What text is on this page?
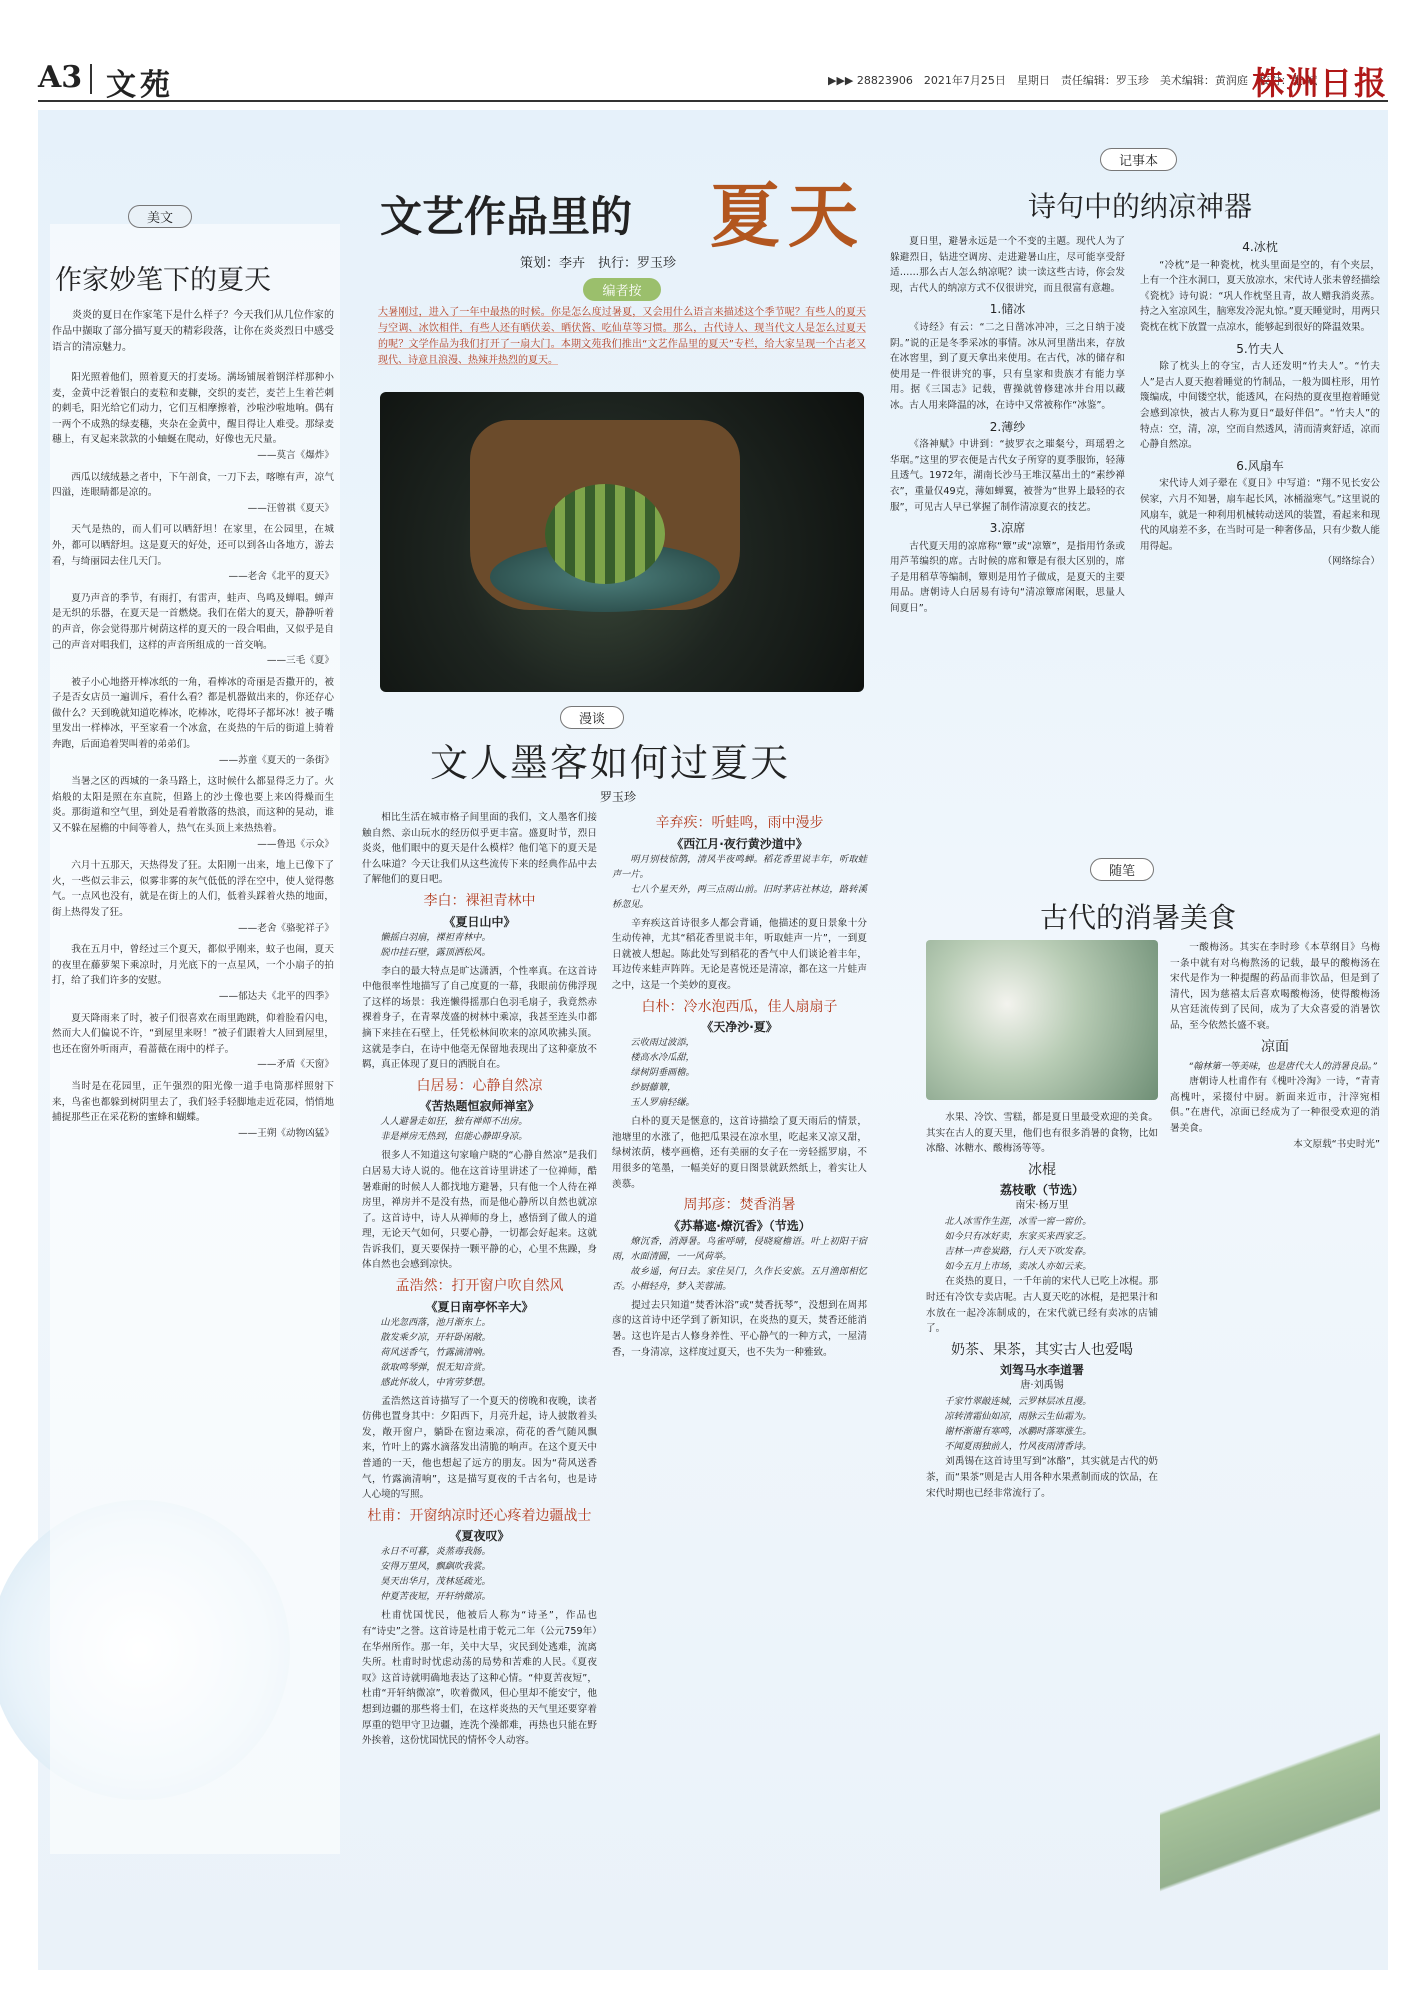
A3 文苑	▶▶▶ 28823906　2021年7月25日　星期日　责任编辑：罗玉珍　美术编辑：黄润庭　校对：张 斌
株洲日报
文艺作品里的 夏天
策划：李卉　执行：罗玉珍
编者按
大暑刚过，进入了一年中最热的时候。你是怎么度过暑夏，又会用什么语言来描述这个季节呢？有些人的夏天与空调、冰饮相伴，有些人还有晒伏姜、晒伏酱、吃仙草等习惯。那么，古代诗人、现当代文人是怎么过夏天的呢？文学作品为我们打开了一扇大门。本期文苑我们推出“文艺作品里的夏天”专栏，给大家呈现一个古老又现代、诗意且浪漫、热辣并热烈的夏天。
美文
作家妙笔下的夏天

炎炎的夏日在作家笔下是什么样子？今天我们从几位作家的作品中撷取了部分描写夏天的精彩段落，让你在炎炎烈日中感受语言的清凉魅力。

阳光照着他们，照着夏天的打麦场。满场铺展着钢洋样那种小麦，金黄中泛着银白的麦粒和麦糠，交织的麦芒，麦芒上生着芒刺的刺毛，阳光给它们动力，它们互相摩擦着，沙啦沙啦地响。偶有一两个不成熟的绿麦穗，夹杂在金黄中，醒目得让人难受。那绿麦穗上，有叉起来款款的小蚰蜒在爬动，好像也无尺量。

——莫言《爆炸》

西瓜以绒绒悬之者中，下午剖食，一刀下去，喀嚓有声，凉气四溢，连眼睛都是凉的。

——汪曾祺《夏天》

天气是热的，而人们可以晒舒坦！在家里，在公园里，在城外，都可以晒舒坦。这是夏天的好处，还可以到各山各地方，游去看，与绮丽园去住几天门。

——老舍《北平的夏天》

夏乃声音的季节，有雨打，有雷声，蛙声、鸟鸣及蝉唱。蝉声是无织的乐器，在夏天是一首燃烧。我们在偌大的夏天，静静听着的声音，你会觉得那片树荫这样的夏天的一段合唱曲，又似乎是自己的声音对唱我们，这样的声音所组成的一首交响。

——三毛《夏》

被子小心地搭开棒冰纸的一角，看棒冰的奇丽是否撒开的，被子是否女店员一遍训斥，看什么看？都是机器做出来的，你还存心做什么？天到晚就知道吃棒冰，吃棒冰，吃得坏子都坏冰！被子嘴里发出一样棒冰，平至家看一个冰盒，在炎热的午后的街道上骑着奔跑，后面追着哭叫着的弟弟们。

——苏童《夏天的一条街》

当暑之区的西城的一条马路上，这时候什么都显得乏力了。火焰般的太阳是照在东直院，但路上的沙土像也要上来凶得燥而生炎。那街道和空气里，到处是看着散落的热浪，而这种的晃动，谁又不躲在屋檐的中间等着人，热气在头顶上来热热着。

——鲁迅《示众》

六月十五那天，天热得发了狂。太阳刚一出来，地上已像下了火，一些似云非云，似雾非雾的灰气低低的浮在空中，使人觉得憋气。一点风也没有，就是在街上的人们，低着头踩着火热的地面，街上热得发了狂。

——老舍《骆驼祥子》

我在五月中，曾经过三个夏天，都似乎刚来，蚊子也闹，夏天的夜里在藤萝架下乘凉时，月光底下的一点星风，一个小扇子的拍打，给了我们许多的安慰。

——郁达夫《北平的四季》

夏天降雨来了时，被子们很喜欢在雨里跑跳，仰着脸看闪电，然而大人们偏说不许，“到屋里来呀！”被子们跟着大人回到屋里，也还在窗外听雨声，看蔷薇在雨中的样子。

——矛盾《天窗》

当时是在花园里，正午强烈的阳光像一道手电筒那样照射下来，鸟雀也都躲到树阴里去了，我们轻手轻脚地走近花园，悄悄地捕捉那些正在采花粉的蜜蜂和蝴蝶。

——王朔《动物凶猛》

漫谈
文人墨客如何过夏天
罗玉珍

相比生活在城市格子间里面的我们，文人墨客们接触自然、亲山玩水的经历似乎更丰富。盛夏时节，烈日炎炎，他们眼中的夏天是什么模样？他们笔下的夏天是什么味道？今天让我们从这些流传下来的经典作品中去了解他们的夏日吧。

李白：裸袒青林中
《夏日山中》
懒摇白羽扇，裸袒青林中。
脱巾挂石壁，露顶洒松风。

李白的最大特点是旷达潇洒，个性率真。在这首诗中他很率性地描写了自己度夏的一幕，我眼前仿佛浮现了这样的场景：我连懒得摇那白色羽毛扇子，我竟然赤裸着身子，在青翠茂盛的树林中乘凉，我甚至连头巾都摘下来挂在石壁上，任凭松林间吹来的凉风吹拂头顶。这就是李白，在诗中他毫无保留地表现出了这种豪放不羁，真正体现了夏日的洒脱自在。

白居易：心静自然凉
《苦热题恒寂师禅室》
人人避暑走如狂，独有禅师不出房。
非是禅房无热到，但能心静即身凉。

很多人不知道这句家喻户晓的“心静自然凉”是我们白居易大诗人说的。他在这首诗里讲述了一位禅师，酷暑难耐的时候人人都找地方避暑，只有他一个人待在禅房里，禅房并不是没有热，而是他心静所以自然也就凉了。这首诗中，诗人从禅师的身上，感悟到了做人的道理，无论天气如何，只要心静，一切都会好起来。这就告诉我们，夏天要保持一颗平静的心，心里不焦躁，身体自然也会感到凉快。

孟浩然：打开窗户吹自然风
《夏日南亭怀辛大》
山光忽西落，池月渐东上。
散发乘夕凉，开轩卧闲敞。
荷风送香气，竹露滴清响。
欲取鸣琴弹，恨无知音赏。
感此怀故人，中宵劳梦想。

孟浩然这首诗描写了一个夏天的傍晚和夜晚，读者仿佛也置身其中：夕阳西下，月亮升起，诗人披散着头发，敞开窗户，躺卧在窗边乘凉，荷花的香气随风飘来，竹叶上的露水滴落发出清脆的响声。在这个夏天中普通的一天，他也想起了远方的朋友。因为“荷风送香气，竹露滴清响”，这是描写夏夜的千古名句，也是诗人心境的写照。

杜甫：开窗纳凉时还心疼着边疆战士
《夏夜叹》
永日不可暮，炎蒸毒我肠。
安得万里风，飘飖吹我裳。
昊天出华月，茂林延疏光。
仲夏苦夜短，开轩纳微凉。

杜甫忧国忧民，他被后人称为“诗圣”，作品也有“诗史”之誉。这首诗是杜甫于乾元二年（公元759年）在华州所作。那一年，关中大旱，灾民到处逃难，流离失所。杜甫时时忧虑动荡的局势和苦难的人民。《夏夜叹》这首诗就明确地表达了这种心情。“仲夏苦夜短”，杜甫“开轩纳微凉”，吹着微风，但心里却不能安宁，他想到边疆的那些将士们，在这样炎热的天气里还要穿着厚重的铠甲守卫边疆，连洗个澡都难，再热也只能在野外挨着，这份忧国忧民的情怀令人动容。

辛弃疾：听蛙鸣，雨中漫步
《西江月·夜行黄沙道中》
明月别枝惊鹊，清风半夜鸣蝉。稻花香里说丰年，听取蛙声一片。
七八个星天外，两三点雨山前。旧时茅店社林边，路转溪桥忽见。

辛弃疾这首诗很多人都会背诵，他描述的夏日景象十分生动传神，尤其“稻花香里说丰年，听取蛙声一片”，一到夏日就被人想起。陈此处写到稻花的香气中人们谈论着丰年，耳边传来蛙声阵阵。无论是喜悦还是清凉，都在这一片蛙声之中，这是一个美妙的夏夜。

白朴：冷水泡西瓜，佳人扇扇子
《天净沙·夏》
云收雨过波添，
楼高水冷瓜甜，
绿树阴垂画檐。
纱厨藤簟，
玉人罗扇轻缣。

白朴的夏天是惬意的，这首诗描绘了夏天雨后的情景，池塘里的水涨了，他把瓜果浸在凉水里，吃起来又凉又甜，绿树浓荫，楼亭画檐，还有美丽的女子在一旁轻摇罗扇，不用很多的笔墨，一幅美好的夏日图景就跃然纸上，着实让人羡慕。

周邦彦：焚香消暑
《苏幕遮·燎沉香》（节选）
燎沉香，消溽暑。鸟雀呼晴，侵晓窥檐语。叶上初阳干宿雨，水面清圆，一一风荷举。
故乡遥，何日去。家住吴门，久作长安旅。五月渔郎相忆否。小楫轻舟，梦入芙蓉浦。

提过去只知道“焚香沐浴”或“焚香抚琴”，没想到在周邦彦的这首诗中还学到了新知识，在炎热的夏天，焚香还能消暑。这也许是古人修身养性、平心静气的一种方式，一屋清香，一身清凉，这样度过夏天，也不失为一种雅致。

记事本
诗句中的纳凉神器

夏日里，避暑永远是一个不变的主题。现代人为了躲避烈日，钻进空调房、走进避暑山庄，尽可能享受舒适……那么古人怎么纳凉呢？读一读这些古诗，你会发现，古代人的纳凉方式不仅很讲究，而且很富有意趣。

1.储冰

《诗经》有云：“二之日凿冰冲冲，三之日纳于凌阴。”说的正是冬季采冰的事情。冰从河里凿出来，存放在冰窖里，到了夏天拿出来使用。在古代，冰的储存和使用是一件很讲究的事，只有皇家和贵族才有能力享用。据《三国志》记载，曹操就曾修建冰井台用以藏冰。古人用来降温的冰，在诗中又常被称作“冰鉴”。

2.薄纱

《洛神赋》中讲到：“披罗衣之璀粲兮，珥瑶碧之华琚。”这里的罗衣便是古代女子所穿的夏季服饰，轻薄且透气。1972年，湖南长沙马王堆汉墓出土的“素纱禅衣”，重量仅49克，薄如蝉翼，被誉为“世界上最轻的衣服”，可见古人早已掌握了制作清凉夏衣的技艺。

3.凉席

古代夏天用的凉席称“簟”或“凉簟”，是指用竹条或用芦苇编织的席。古时候的席和簟是有很大区别的，席子是用稻草等编制，簟则是用竹子做成，是夏天的主要用品。唐朝诗人白居易有诗句“清凉簟席闲眠，思量人间夏日”。

4.冰枕

“冷枕”是一种瓷枕，枕头里面是空的，有个夹层，上有一个注水洞口，夏天放凉水，宋代诗人张耒曾经描绘《瓷枕》诗句说：“巩人作枕坚且青，故人赠我消炎蒸。持之入室凉风生，脑寒发冷泥丸惊。”夏天睡觉时，用两只瓷枕在枕下放置一点凉水，能够起到很好的降温效果。

5.竹夫人

除了枕头上的夺宝，古人还发明“竹夫人”。“竹夫人”是古人夏天抱着睡觉的竹制品，一般为圆柱形，用竹篾编成，中间镂空状，能透风，在闷热的夏夜里抱着睡觉会感到凉快，被古人称为夏日“最好伴侣”。“竹夫人”的特点：空，清，凉，空而自然透风，清而清爽舒适，凉而心静自然凉。

6.风扇车

宋代诗人刘子翚在《夏日》中写道：“翔不见长安公侯家，六月不知暑，扇车起长风，冰桶溢寒气。”这里说的风扇车，就是一种利用机械转动送风的装置，看起来和现代的风扇差不多，在当时可是一种奢侈品，只有少数人能用得起。

（网络综合）

随笔
古代的消暑美食

水果、冷饮、雪糕，都是夏日里最受欢迎的美食。其实在古人的夏天里，他们也有很多消暑的食物，比如冰酪、冰糖水、酸梅汤等等。

冰棍
荔枝歌（节选）
南宋·杨万里
北人冰雪作生涯，冰雪一窖一窖价。
如今只有冰好卖，东家买来西家乏。
吉林一声卷炭路，行人天下吹发春。
如今五月上市场，卖冰人亦如云来。

在炎热的夏日，一千年前的宋代人已吃上冰棍。那时还有冷饮专卖店呢。古人夏天吃的冰棍，是把果汁和水放在一起冷冻制成的，在宋代就已经有卖冰的店铺了。

奶茶、果茶，其实古人也爱喝
刘驾马水李道署
唐·刘禹锡
千家竹翠敲连城，云罗林层冰且漫。
凉转清霜仙如凉，雨脉云生仙霜为。
谢杯渐谢有寒鸣，冰鹏时落寒涨生。
不闻夏雨独前人，竹风夜雨清香诗。

刘禹锡在这首诗里写到“冰酪”，其实就是古代的奶茶，而“果茶”则是古人用各种水果煮制而成的饮品，在宋代时期也已经非常流行了。

一酸梅汤。其实在李时珍《本草纲目》乌梅一条中就有对乌梅熬汤的记载，最早的酸梅汤在宋代是作为一种提醒的药品而非饮品，但是到了清代，因为慈禧太后喜欢喝酸梅汤，使得酸梅汤从宫廷流传到了民间，成为了大众喜爱的消暑饮品，至今依然长盛不衰。

凉面
“翰林第一等美味，也是唐代大人的消暑良品。”

唐朝诗人杜甫作有《槐叶冷淘》一诗，“青青高槐叶，采掇付中厨。新面来近市，汁滓宛相俱。”在唐代，凉面已经成为了一种很受欢迎的消暑美食。

本文原载“书史时光”
